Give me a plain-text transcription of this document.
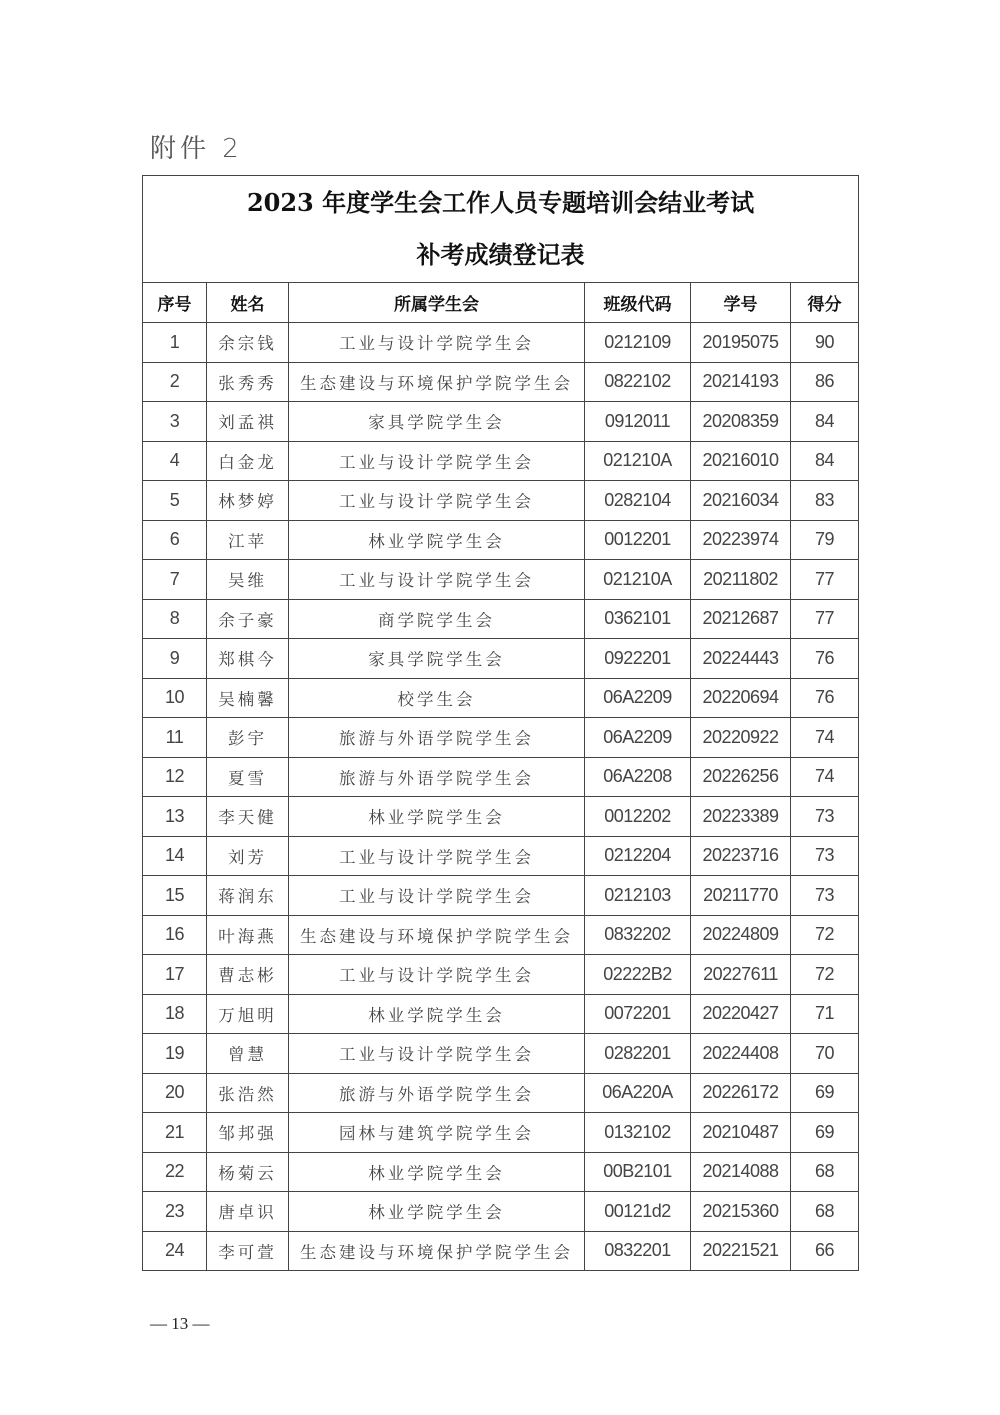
附件 2
2023 年度学生会工作人员专题培训会结业考试
补考成绩登记表					

序号	姓名	所属学生会	班级代码	学号	得分
1	余宗钱	工业与设计学院学生会	0212109	20195075	90
2	张秀秀	生态建设与环境保护学院学生会	0822102	20214193	86
3	刘孟祺	家具学院学生会	0912011	20208359	84
4	白金龙	工业与设计学院学生会	021210A	20216010	84
5	林梦婷	工业与设计学院学生会	0282104	20216034	83
6	江苹	林业学院学生会	0012201	20223974	79
7	吴维	工业与设计学院学生会	021210A	20211802	77
8	余子豪	商学院学生会	0362101	20212687	77
9	郑棋今	家具学院学生会	0922201	20224443	76
10	吴楠馨	校学生会	06A2209	20220694	76
11	彭宇	旅游与外语学院学生会	06A2209	20220922	74
12	夏雪	旅游与外语学院学生会	06A2208	20226256	74
13	李天健	林业学院学生会	0012202	20223389	73
14	刘芳	工业与设计学院学生会	0212204	20223716	73
15	蒋润东	工业与设计学院学生会	0212103	20211770	73
16	叶海燕	生态建设与环境保护学院学生会	0832202	20224809	72
17	曹志彬	工业与设计学院学生会	02222B2	20227611	72
18	万旭明	林业学院学生会	0072201	20220427	71
19	曾慧	工业与设计学院学生会	0282201	20224408	70
20	张浩然	旅游与外语学院学生会	06A220A	20226172	69
21	邹邦强	园林与建筑学院学生会	0132102	20210487	69
22	杨菊云	林业学院学生会	00B2101	20214088	68
23	唐卓识	林业学院学生会	00121d2	20215360	68
24	李可萱	生态建设与环境保护学院学生会	0832201	20221521	66
— 13 —
